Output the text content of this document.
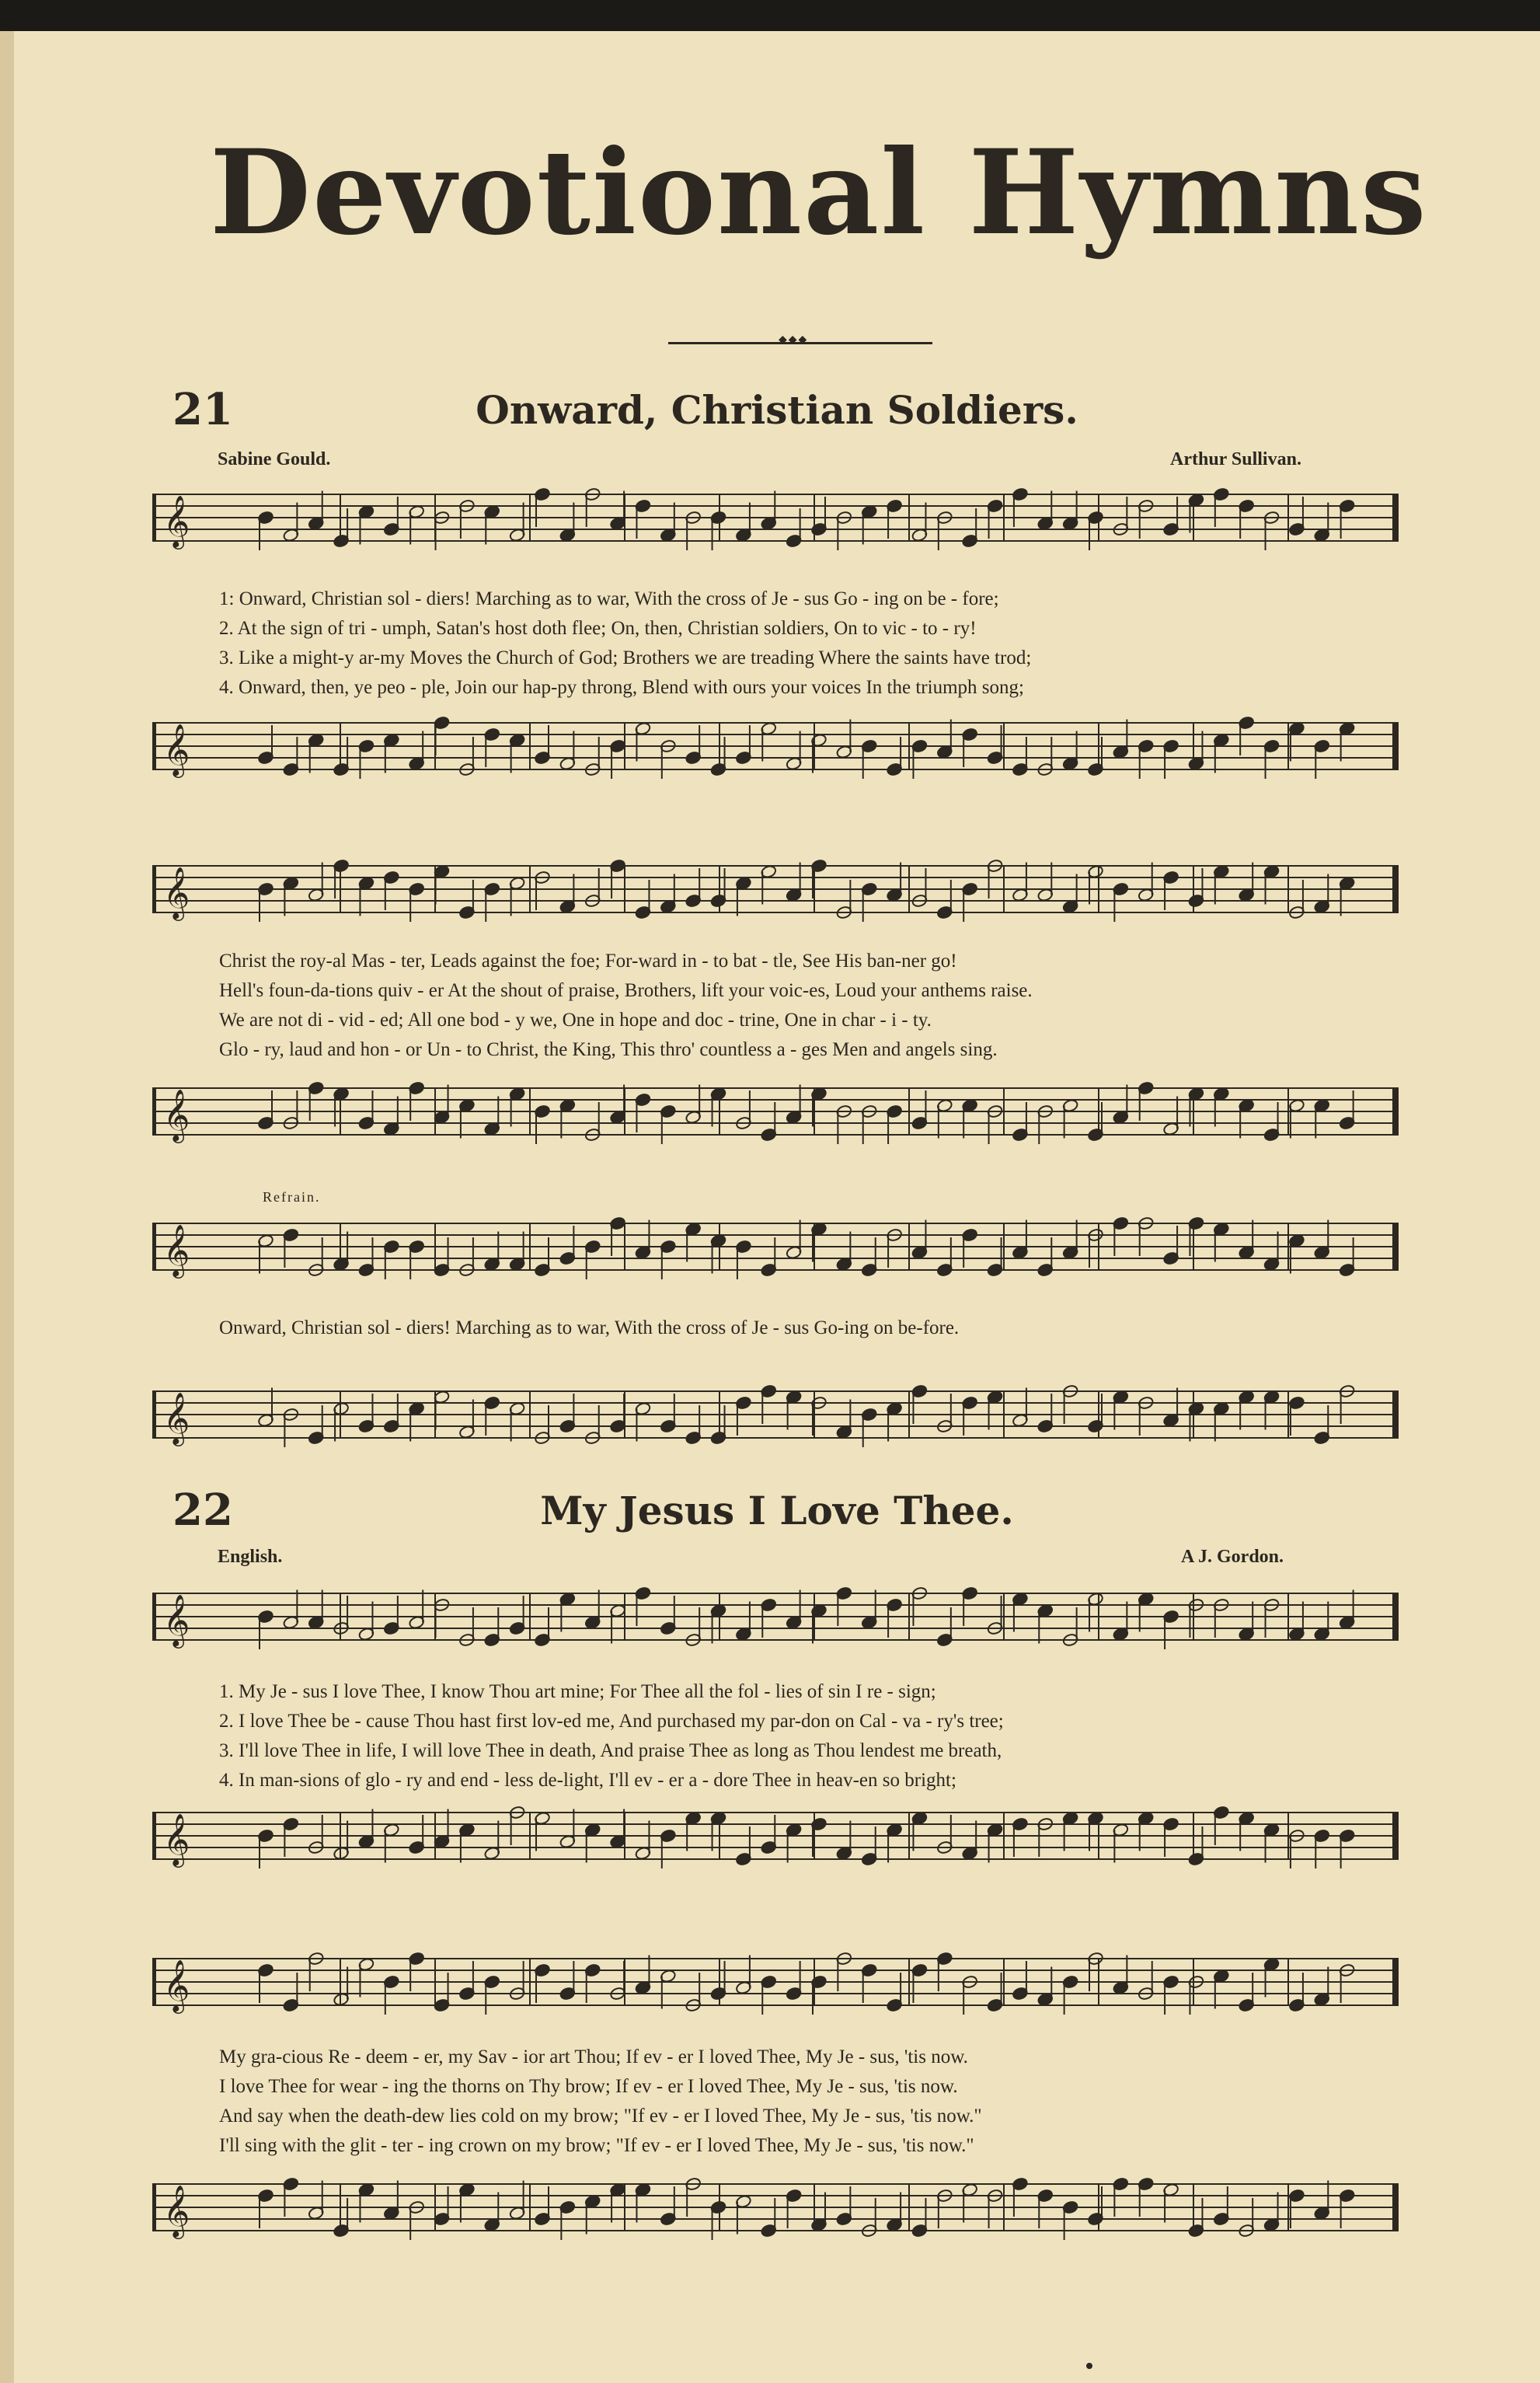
Devotional Hymns
◆◆◆
21	Onward, Christian Soldiers.
Sabine Gould.	Arthur Sullivan.
𝄞
1: Onward, Christian sol - diers! Marching as to war, With the cross of Je - sus Go - ing on be - fore;
2. At the sign of tri - umph, Satan's host doth flee; On, then, Christian soldiers, On to vic - to - ry!
3. Like a might-y ar-my Moves the Church of God; Brothers we are treading Where the saints have trod;
4. Onward, then, ye peo - ple, Join our hap-py throng, Blend with ours your voices In the triumph song;
𝄞
𝄞
Christ the roy-al Mas - ter, Leads against the foe; For-ward in - to bat - tle, See His ban-ner go!
Hell's foun-da-tions quiv - er At the shout of praise, Brothers, lift your voic-es, Loud your anthems raise.
We are not di - vid - ed; All one bod - y we, One in hope and doc - trine, One in char - i - ty.
Glo - ry, laud and hon - or Un - to Christ, the King, This thro' countless a - ges Men and angels sing.
𝄞
Refrain.
𝄞
Onward, Christian sol - diers! Marching as to war, With the cross of Je - sus Go-ing on be-fore.
𝄞
22	My Jesus I Love Thee.
English.	A J. Gordon.
𝄞
1. My Je - sus I love Thee, I know Thou art mine; For Thee all the fol - lies of sin I re - sign;
2. I love Thee be - cause Thou hast first lov-ed me, And purchased my par-don on Cal - va - ry's tree;
3. I'll love Thee in life, I will love Thee in death, And praise Thee as long as Thou lendest me breath,
4. In man-sions of glo - ry and end - less de-light, I'll ev - er a - dore Thee in heav-en so bright;
𝄞
𝄞
My gra-cious Re - deem - er, my Sav - ior art Thou; If ev - er I loved Thee, My Je - sus, 'tis now.
I love Thee for wear - ing the thorns on Thy brow; If ev - er I loved Thee, My Je - sus, 'tis now.
And say when the death-dew lies cold on my brow; "If ev - er I loved Thee, My Je - sus, 'tis now."
I'll sing with the glit - ter - ing crown on my brow; "If ev - er I loved Thee, My Je - sus, 'tis now."
𝄞
